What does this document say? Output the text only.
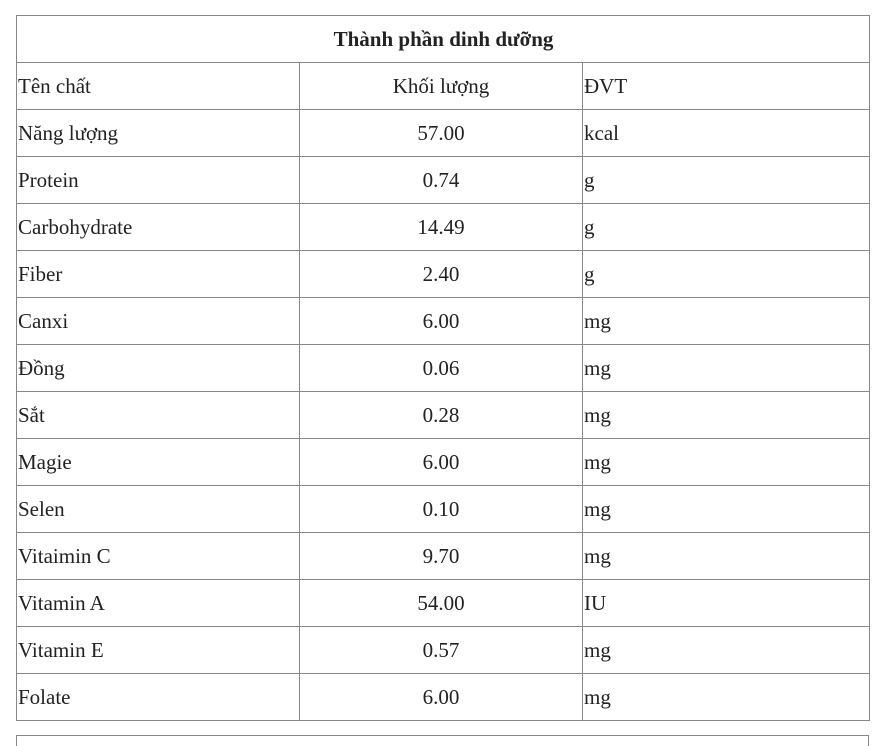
Thành phần dinh dưỡng		
Tên chất	Khối lượng	ĐVT
Năng lượng	57.00	kcal
Protein	0.74	g
Carbohydrate	14.49	g
Fiber	2.40	g
Canxi	6.00	mg
Đồng	0.06	mg
Sắt	0.28	mg
Magie	6.00	mg
Selen	0.10	mg
Vitaimin C	9.70	mg
Vitamin A	54.00	IU
Vitamin E	0.57	mg
Folate	6.00	mg
